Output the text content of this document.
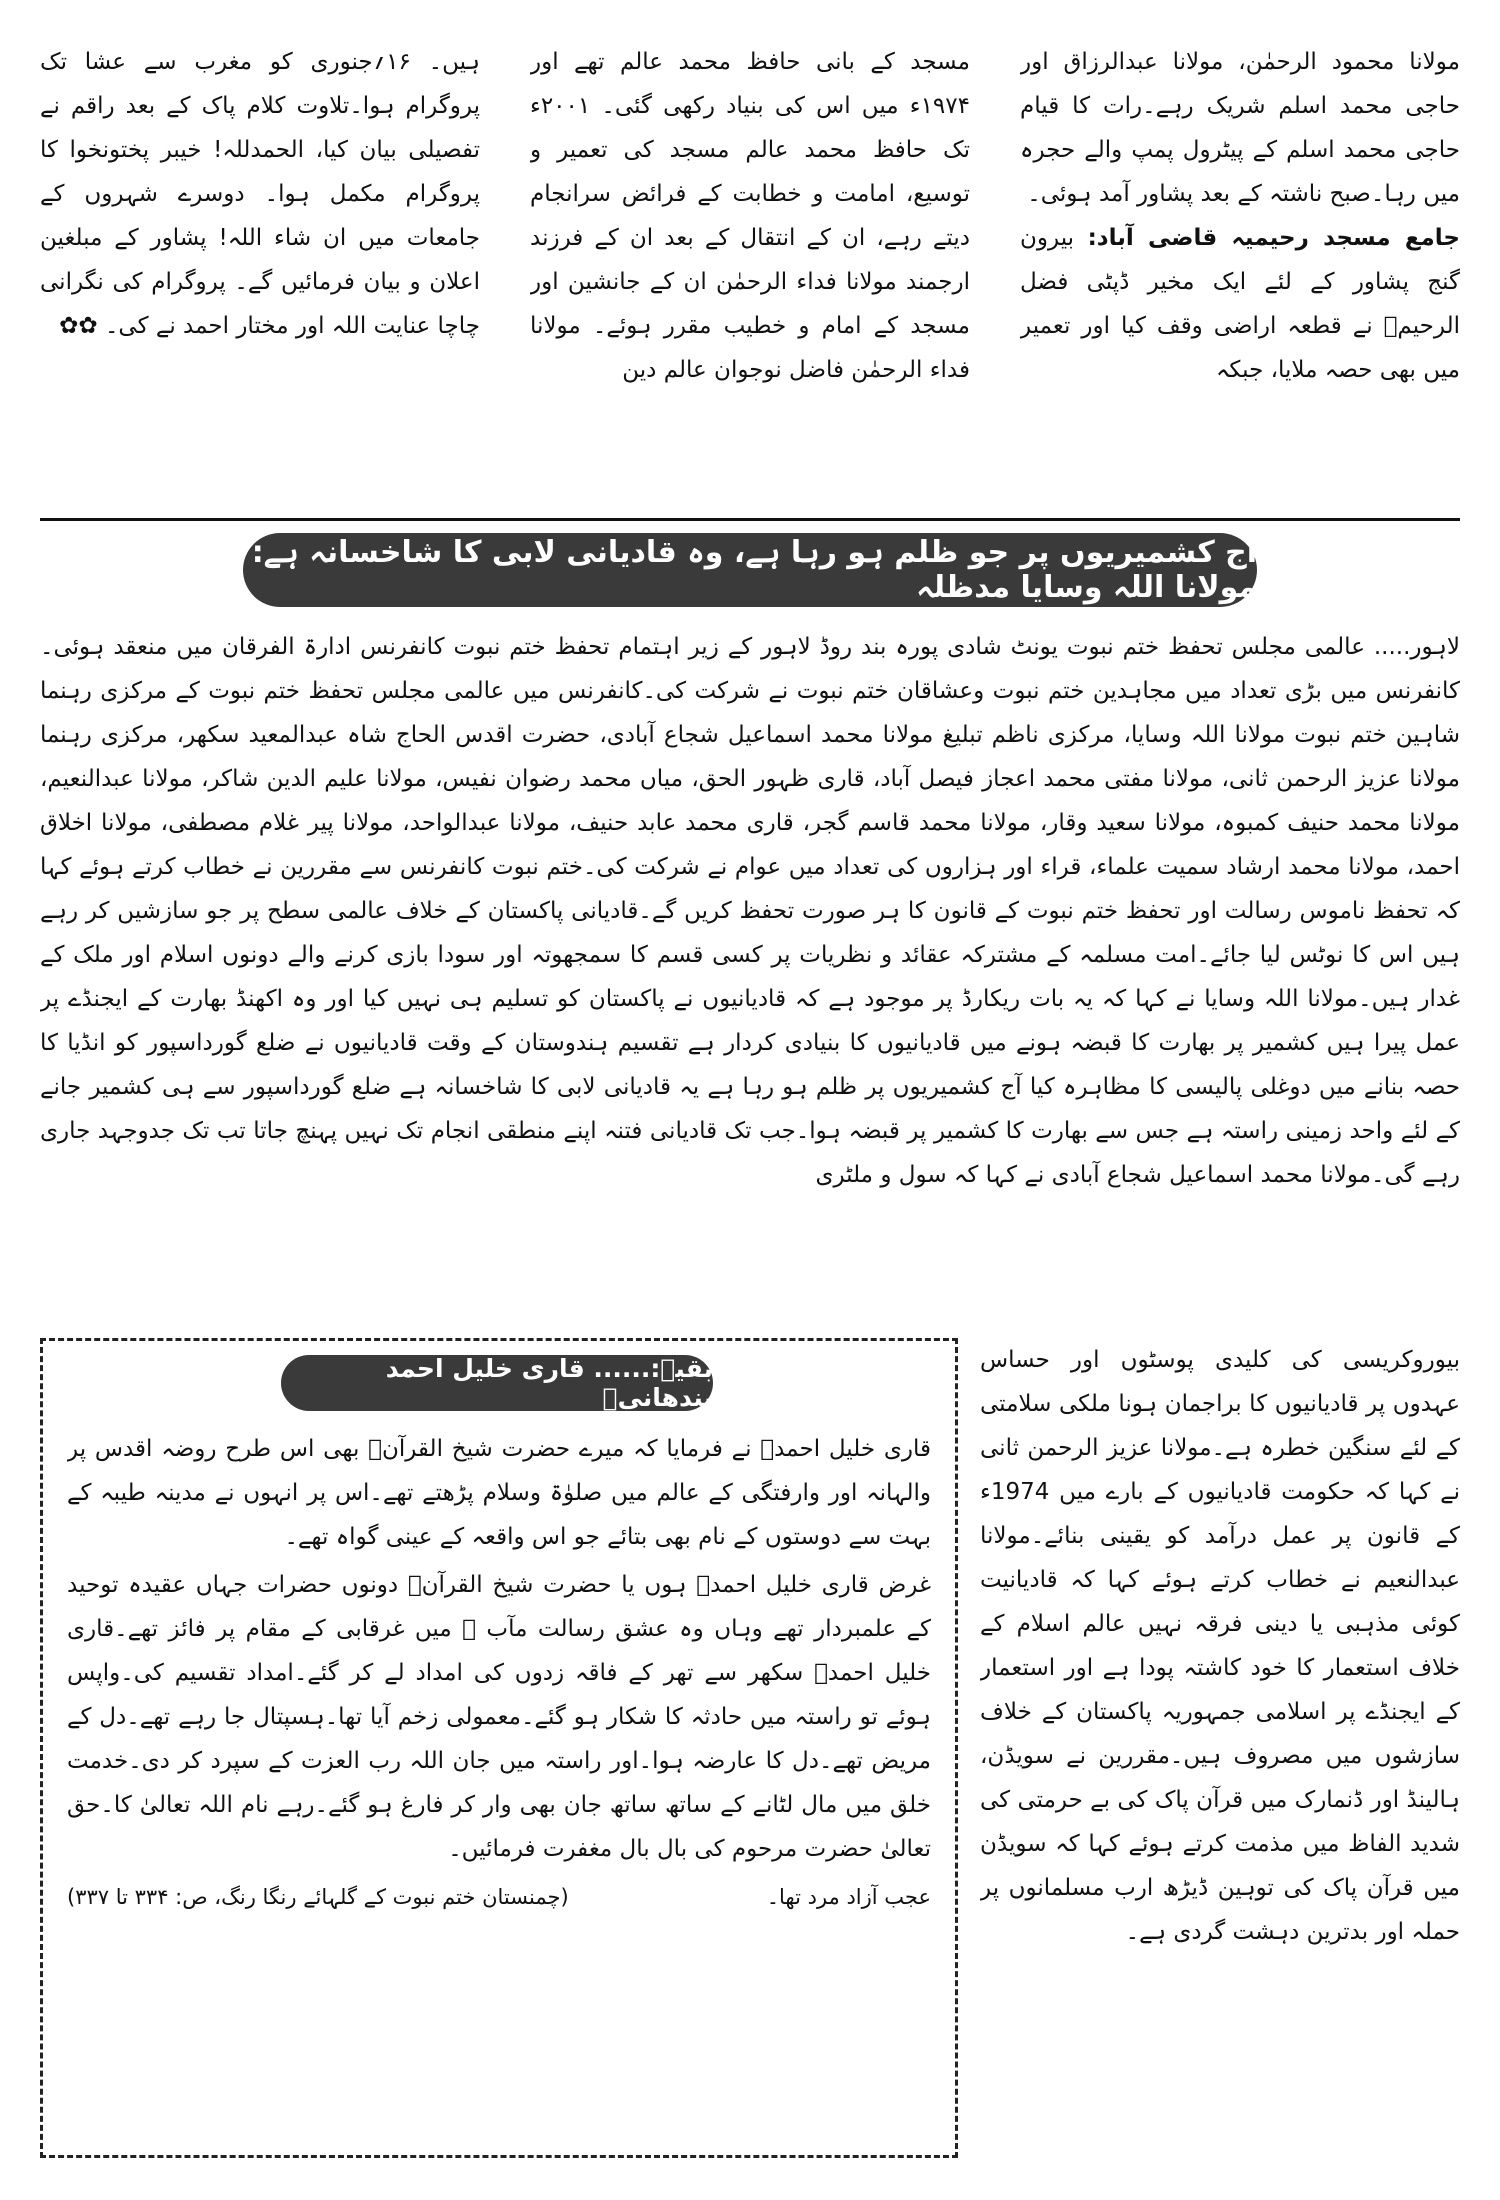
مولانا محمود الرحمٰن، مولانا عبدالرزاق اور حاجی محمد اسلم شریک رہے۔رات کا قیام حاجی محمد اسلم کے پیٹرول پمپ والے حجرہ میں رہا۔صبح ناشتہ کے بعد پشاور آمد ہوئی۔

جامع مسجد رحیمیہ قاضی آباد: بیرون گنج پشاور کے لئے ایک مخیر ڈپٹی فضل الرحیمؒ نے قطعہ اراضی وقف کیا اور تعمیر میں بھی حصہ ملایا، جبکہ

مسجد کے بانی حافظ محمد عالم تھے اور ۱۹۷۴ء میں اس کی بنیاد رکھی گئی۔ ۲۰۰۱ء تک حافظ محمد عالم مسجد کی تعمیر و توسیع، امامت و خطابت کے فرائض سرانجام دیتے رہے، ان کے انتقال کے بعد ان کے فرزند ارجمند مولانا فداء الرحمٰن ان کے جانشین اور مسجد کے امام و خطیب مقرر ہوئے۔ مولانا فداء الرحمٰن فاضل نوجوان عالم دین

ہیں۔ ۱۶؍جنوری کو مغرب سے عشا تک پروگرام ہوا۔تلاوت کلام پاک کے بعد راقم نے تفصیلی بیان کیا، الحمدللہ! خیبر پختونخوا کا پروگرام مکمل ہوا۔ دوسرے شہروں کے جامعات میں ان شاء اللہ! پشاور کے مبلغین اعلان و بیان فرمائیں گے۔ پروگرام کی نگرانی چاچا عنایت اللہ اور مختار احمد نے کی۔ ✿✿

آج کشمیریوں پر جو ظلم ہو رہا ہے، وہ قادیانی لابی کا شاخسانہ ہے: مولانا اللہ وسایا مدظلہ

لاہور..... عالمی مجلس تحفظ ختم نبوت یونٹ شادی پورہ بند روڈ لاہور کے زیر اہتمام تحفظ ختم نبوت کانفرنس ادارۃ الفرقان میں منعقد ہوئی۔ کانفرنس میں بڑی تعداد میں مجاہدین ختم نبوت وعشاقان ختم نبوت نے شرکت کی۔کانفرنس میں عالمی مجلس تحفظ ختم نبوت کے مرکزی رہنما شاہین ختم نبوت مولانا اللہ وسایا، مرکزی ناظم تبلیغ مولانا محمد اسماعیل شجاع آبادی، حضرت اقدس الحاج شاہ عبدالمعید سکھر، مرکزی رہنما مولانا عزیز الرحمن ثانی، مولانا مفتی محمد اعجاز فیصل آباد، قاری ظہور الحق، میاں محمد رضوان نفیس، مولانا علیم الدین شاکر، مولانا عبدالنعیم، مولانا محمد حنیف کمبوہ، مولانا سعید وقار، مولانا محمد قاسم گجر، قاری محمد عابد حنیف، مولانا عبدالواحد، مولانا پیر غلام مصطفی، مولانا اخلاق احمد، مولانا محمد ارشاد سمیت علماء، قراء اور ہزاروں کی تعداد میں عوام نے شرکت کی۔ختم نبوت کانفرنس سے مقررین نے خطاب کرتے ہوئے کہا کہ تحفظ ناموس رسالت اور تحفظ ختم نبوت کے قانون کا ہر صورت تحفظ کریں گے۔قادیانی پاکستان کے خلاف عالمی سطح پر جو سازشیں کر رہے ہیں اس کا نوٹس لیا جائے۔امت مسلمہ کے مشترکہ عقائد و نظریات پر کسی قسم کا سمجھوتہ اور سودا بازی کرنے والے دونوں اسلام اور ملک کے غدار ہیں۔مولانا اللہ وسایا نے کہا کہ یہ بات ریکارڈ پر موجود ہے کہ قادیانیوں نے پاکستان کو تسلیم ہی نہیں کیا اور وہ اکھنڈ بھارت کے ایجنڈے پر عمل پیرا ہیں کشمیر پر بھارت کا قبضہ ہونے میں قادیانیوں کا بنیادی کردار ہے تقسیم ہندوستان کے وقت قادیانیوں نے ضلع گورداسپور کو انڈیا کا حصہ بنانے میں دوغلی پالیسی کا مظاہرہ کیا آج کشمیریوں پر ظلم ہو رہا ہے یہ قادیانی لابی کا شاخسانہ ہے ضلع گورداسپور سے ہی کشمیر جانے کے لئے واحد زمینی راستہ ہے جس سے بھارت کا کشمیر پر قبضہ ہوا۔جب تک قادیانی فتنہ اپنے منطقی انجام تک نہیں پہنچ جاتا تب تک جدوجہد جاری رہے گی۔مولانا محمد اسماعیل شجاع آبادی نے کہا کہ سول و ملٹری

بقیہ:...... قاری خلیل احمد بندھانیؒ

قاری خلیل احمدؒ نے فرمایا کہ میرے حضرت شیخ القرآنؒ بھی اس طرح روضہ اقدس پر والہانہ اور وارفتگی کے عالم میں صلوٰۃ وسلام پڑھتے تھے۔اس پر انہوں نے مدینہ طیبہ کے بہت سے دوستوں کے نام بھی بتائے جو اس واقعہ کے عینی گواہ تھے۔

غرض قاری خلیل احمدؒ ہوں یا حضرت شیخ القرآنؒ دونوں حضرات جہاں عقیدہ توحید کے علمبردار تھے وہاں وہ عشق رسالت مآب ﷺ میں غرقابی کے مقام پر فائز تھے۔قاری خلیل احمدؒ سکھر سے تھر کے فاقہ زدوں کی امداد لے کر گئے۔امداد تقسیم کی۔واپس ہوئے تو راستہ میں حادثہ کا شکار ہو گئے۔معمولی زخم آیا تھا۔ہسپتال جا رہے تھے۔دل کے مریض تھے۔دل کا عارضہ ہوا۔اور راستہ میں جان اللہ رب العزت کے سپرد کر دی۔خدمت خلق میں مال لٹانے کے ساتھ ساتھ جان بھی وار کر فارغ ہو گئے۔رہے نام اللہ تعالیٰ کا۔حق تعالیٰ حضرت مرحوم کی بال بال مغفرت فرمائیں۔

عجب آزاد مرد تھا۔
(چمنستان ختم نبوت کے گلہائے رنگا رنگ، ص: ۳۳۴ تا ۳۳۷)

بیوروکریسی کی کلیدی پوسٹوں اور حساس عہدوں پر قادیانیوں کا براجمان ہونا ملکی سلامتی کے لئے سنگین خطرہ ہے۔مولانا عزیز الرحمن ثانی نے کہا کہ حکومت قادیانیوں کے بارے میں 1974ء کے قانون پر عمل درآمد کو یقینی بنائے۔مولانا عبدالنعیم نے خطاب کرتے ہوئے کہا کہ قادیانیت کوئی مذہبی یا دینی فرقہ نہیں عالم اسلام کے خلاف استعمار کا خود کاشتہ پودا ہے اور استعمار کے ایجنڈے پر اسلامی جمہوریہ پاکستان کے خلاف سازشوں میں مصروف ہیں۔مقررین نے سویڈن، ہالینڈ اور ڈنمارک میں قرآن پاک کی بے حرمتی کی شدید الفاظ میں مذمت کرتے ہوئے کہا کہ سویڈن میں قرآن پاک کی توہین ڈیڑھ ارب مسلمانوں پر حملہ اور بدترین دہشت گردی ہے۔
